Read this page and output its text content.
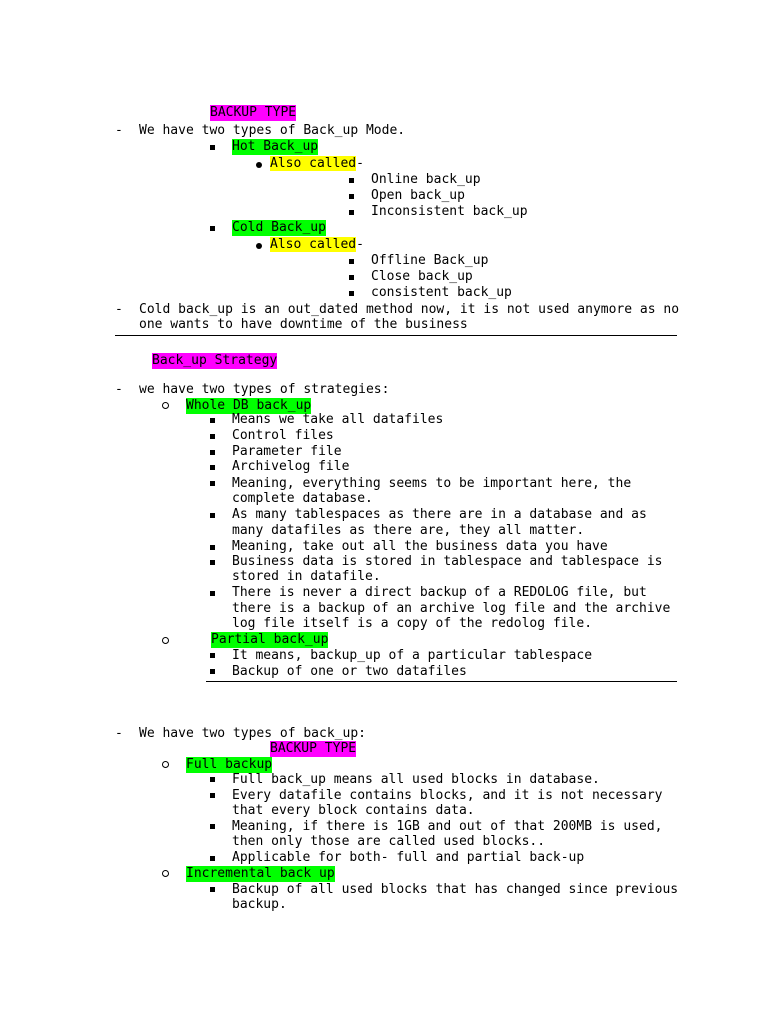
BACKUP TYPE
- We have two types of Back_up Mode.
Hot Back_up
Also called-
Online back_up
Open back_up
Inconsistent back_up
Cold Back_up
Also called-
Offline Back_up
Close back_up
consistent back_up
- Cold back_up is an out_dated method now, it is not used anymore as no
one wants to have downtime of the business
Back_up Strategy
- we have two types of strategies:
Whole DB back_up
Means we take all datafiles
Control files
Parameter file
Archivelog file
Meaning, everything seems to be important here, the
complete database.
As many tablespaces as there are in a database and as
many datafiles as there are, they all matter.
Meaning, take out all the business data you have
Business data is stored in tablespace and tablespace is
stored in datafile.
There is never a direct backup of a REDOLOG file, but
there is a backup of an archive log file and the archive
log file itself is a copy of the redolog file.
Partial back_up
It means, backup_up of a particular tablespace
Backup of one or two datafiles
- We have two types of back_up:
BACKUP TYPE
Full backup
Full back_up means all used blocks in database.
Every datafile contains blocks, and it is not necessary
that every block contains data.
Meaning, if there is 1GB and out of that 200MB is used,
then only those are called used blocks..
Applicable for both- full and partial back-up
Incremental back up
Backup of all used blocks that has changed since previous
backup.
